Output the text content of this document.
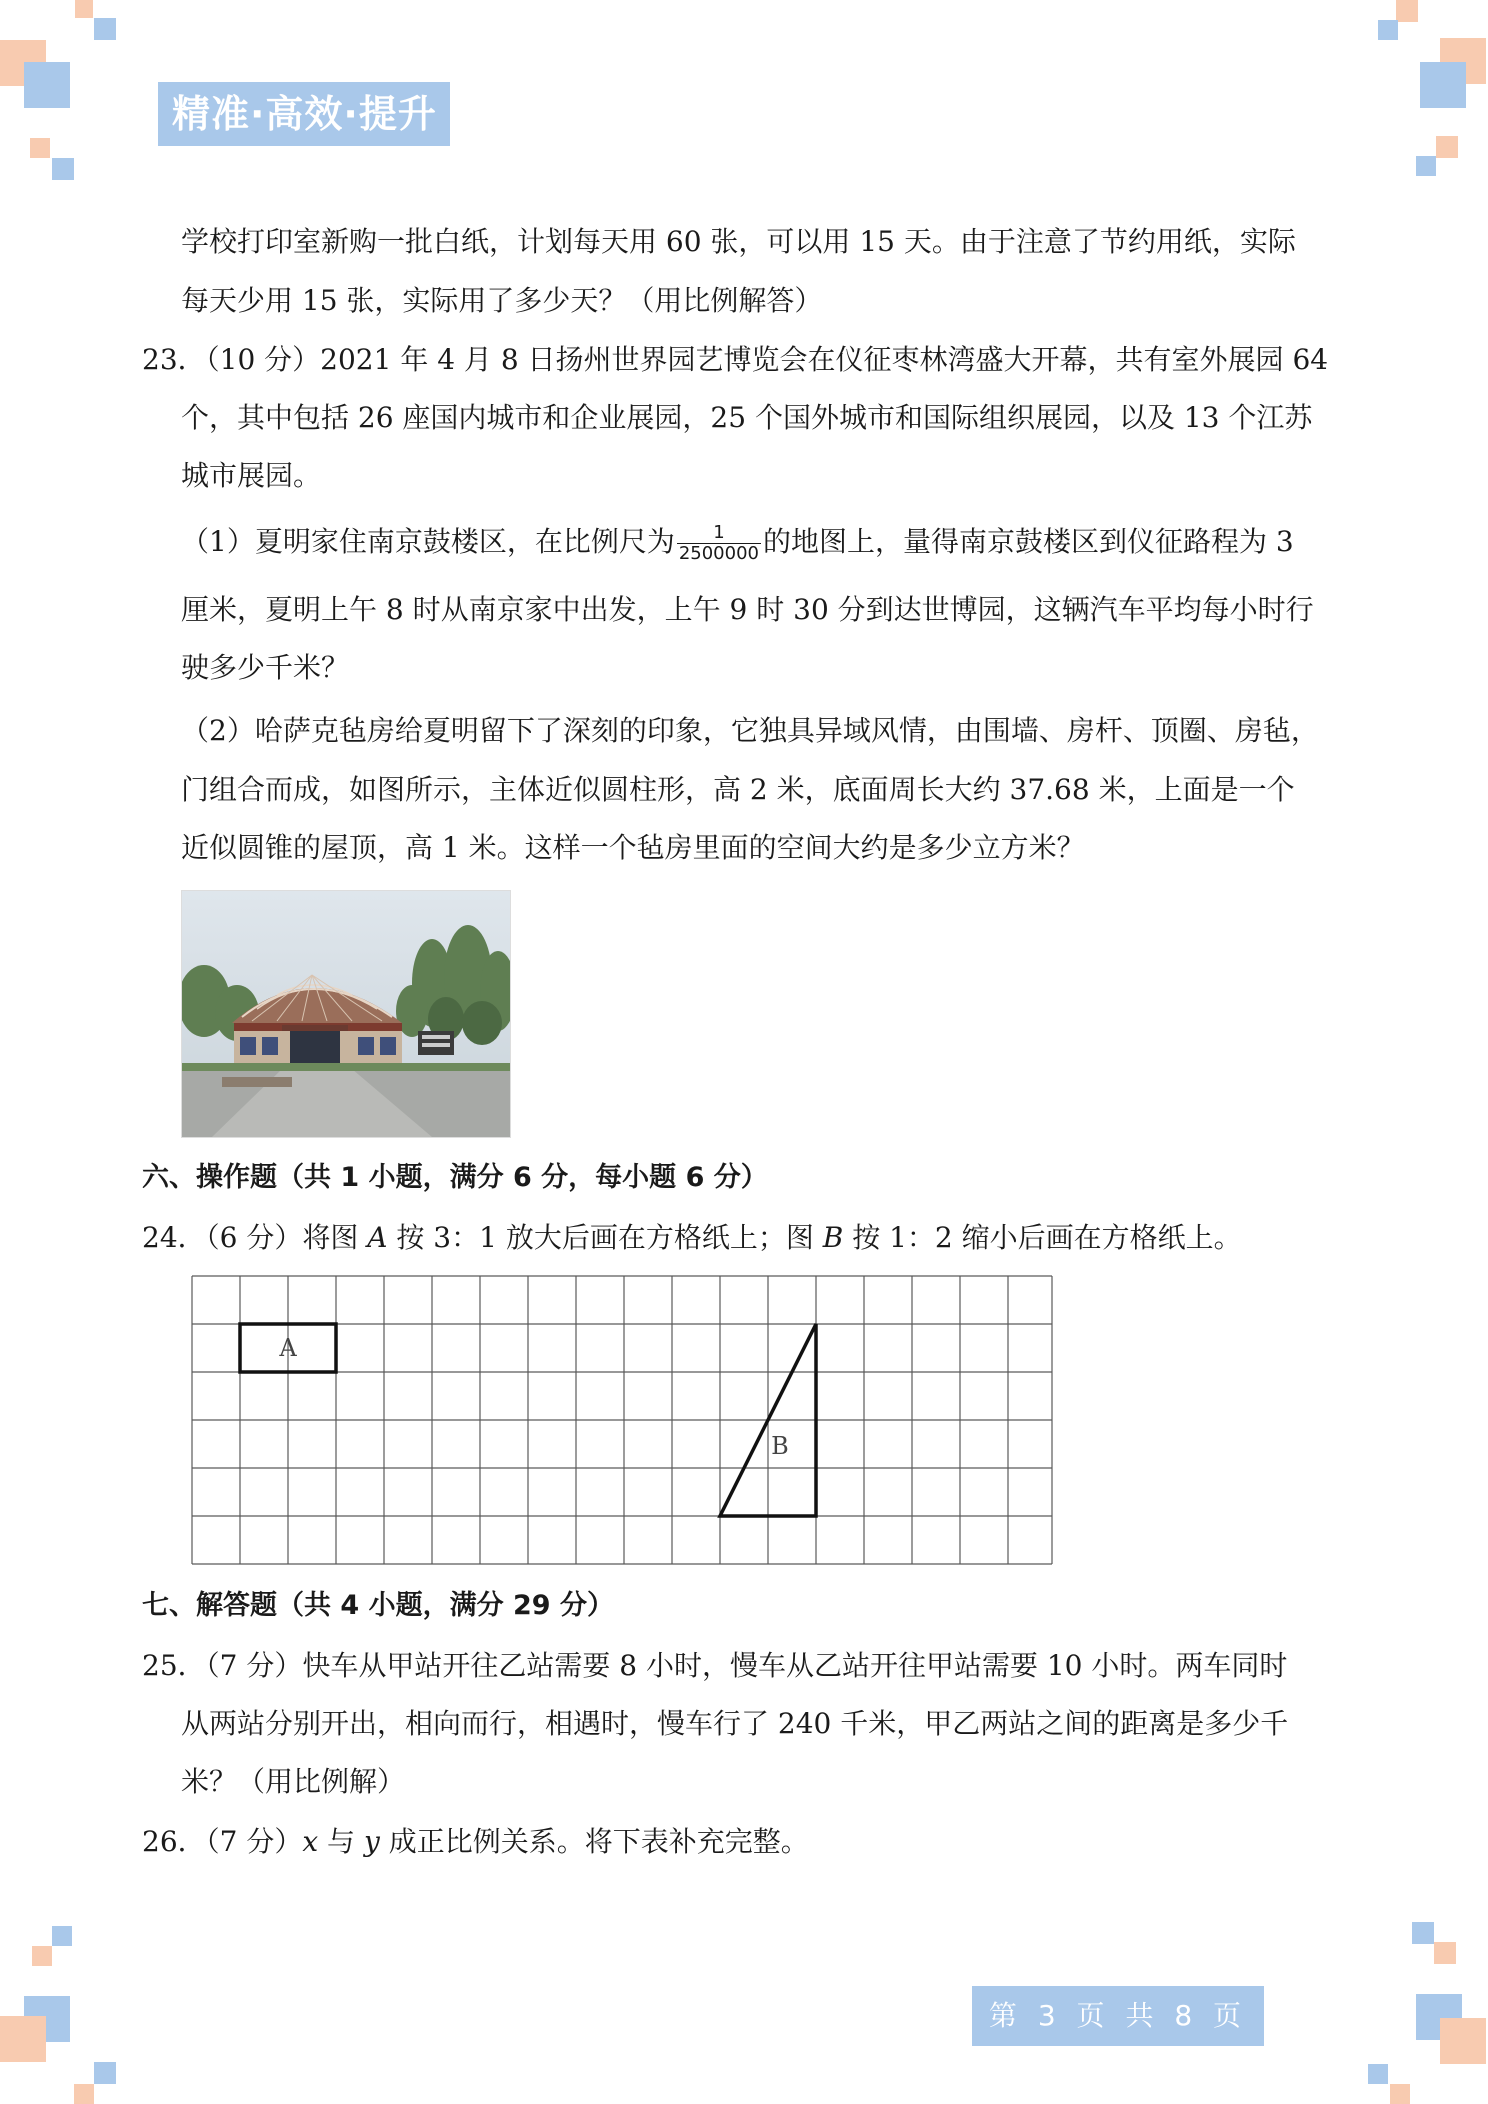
精准·高效·提升
学校打印室新购一批白纸，计划每天用 60 张，可以用 15 天。由于注意了节约用纸，实际
每天少用 15 张，实际用了多少天？（用比例解答）
23．（10 分）2021 年 4 月 8 日扬州世界园艺博览会在仪征枣林湾盛大开幕，共有室外展园 64
个，其中包括 26 座国内城市和企业展园，25 个国外城市和国际组织展园，以及 13 个江苏
城市展园。
（1）夏明家住南京鼓楼区，在比例尺为 $\frac{1}{2500000}$ 的地图上，量得南京鼓楼区到仪征路程为 3
厘米，夏明上午 8 时从南京家中出发，上午 9 时 30 分到达世博园，这辆汽车平均每小时行
驶多少千米？
（2）哈萨克毡房给夏明留下了深刻的印象，它独具异域风情，由围墙、房杆、顶圈、房毡，
门组合而成，如图所示，主体近似圆柱形，高 2 米，底面周长大约 37.68 米，上面是一个
近似圆锥的屋顶，高 1 米。这样一个毡房里面的空间大约是多少立方米？
六、操作题（共 1 小题，满分 6 分，每小题 6 分）
24．（6 分）将图 A 按 3：1 放大后画在方格纸上；图 B 按 1：2 缩小后画在方格纸上。
A
B
七、解答题（共 4 小题，满分 29 分）
25．（7 分）快车从甲站开往乙站需要 8 小时，慢车从乙站开往甲站需要 10 小时。两车同时
从两站分别开出，相向而行，相遇时，慢车行了 240 千米，甲乙两站之间的距离是多少千
米？（用比例解）
26．（7 分）x 与 y 成正比例关系。将下表补充完整。
第 3 页 共 8 页
